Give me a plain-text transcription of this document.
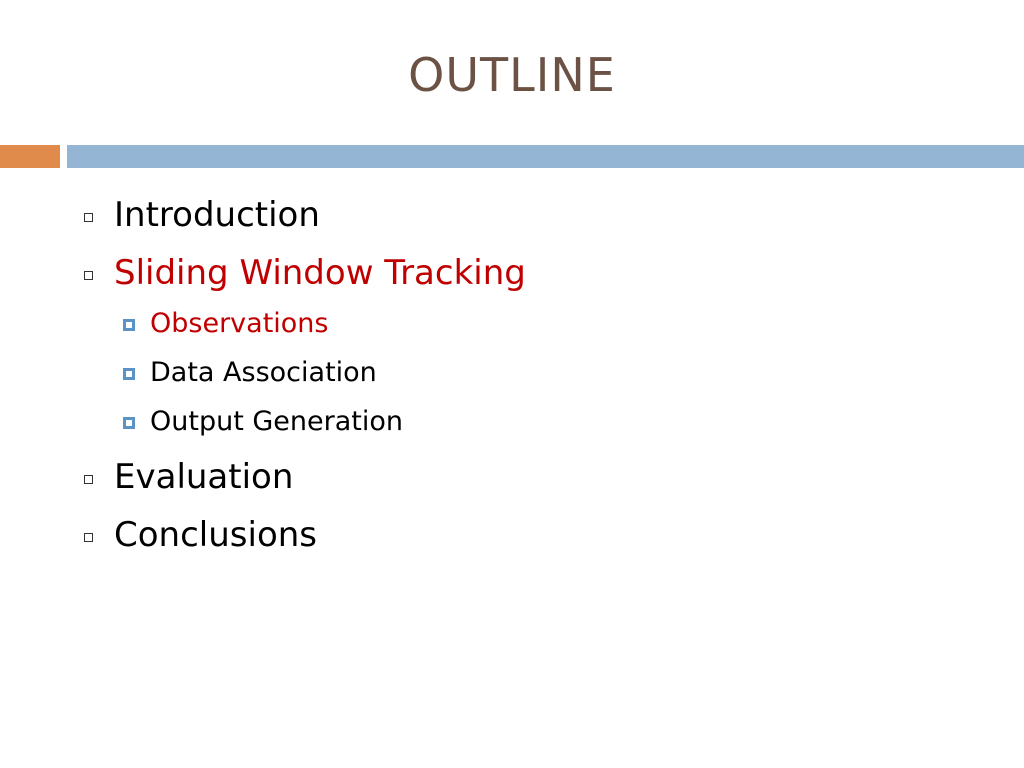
OUTLINE
Introduction
Sliding Window Tracking
Observations
Data Association
Output Generation
Evaluation
Conclusions
